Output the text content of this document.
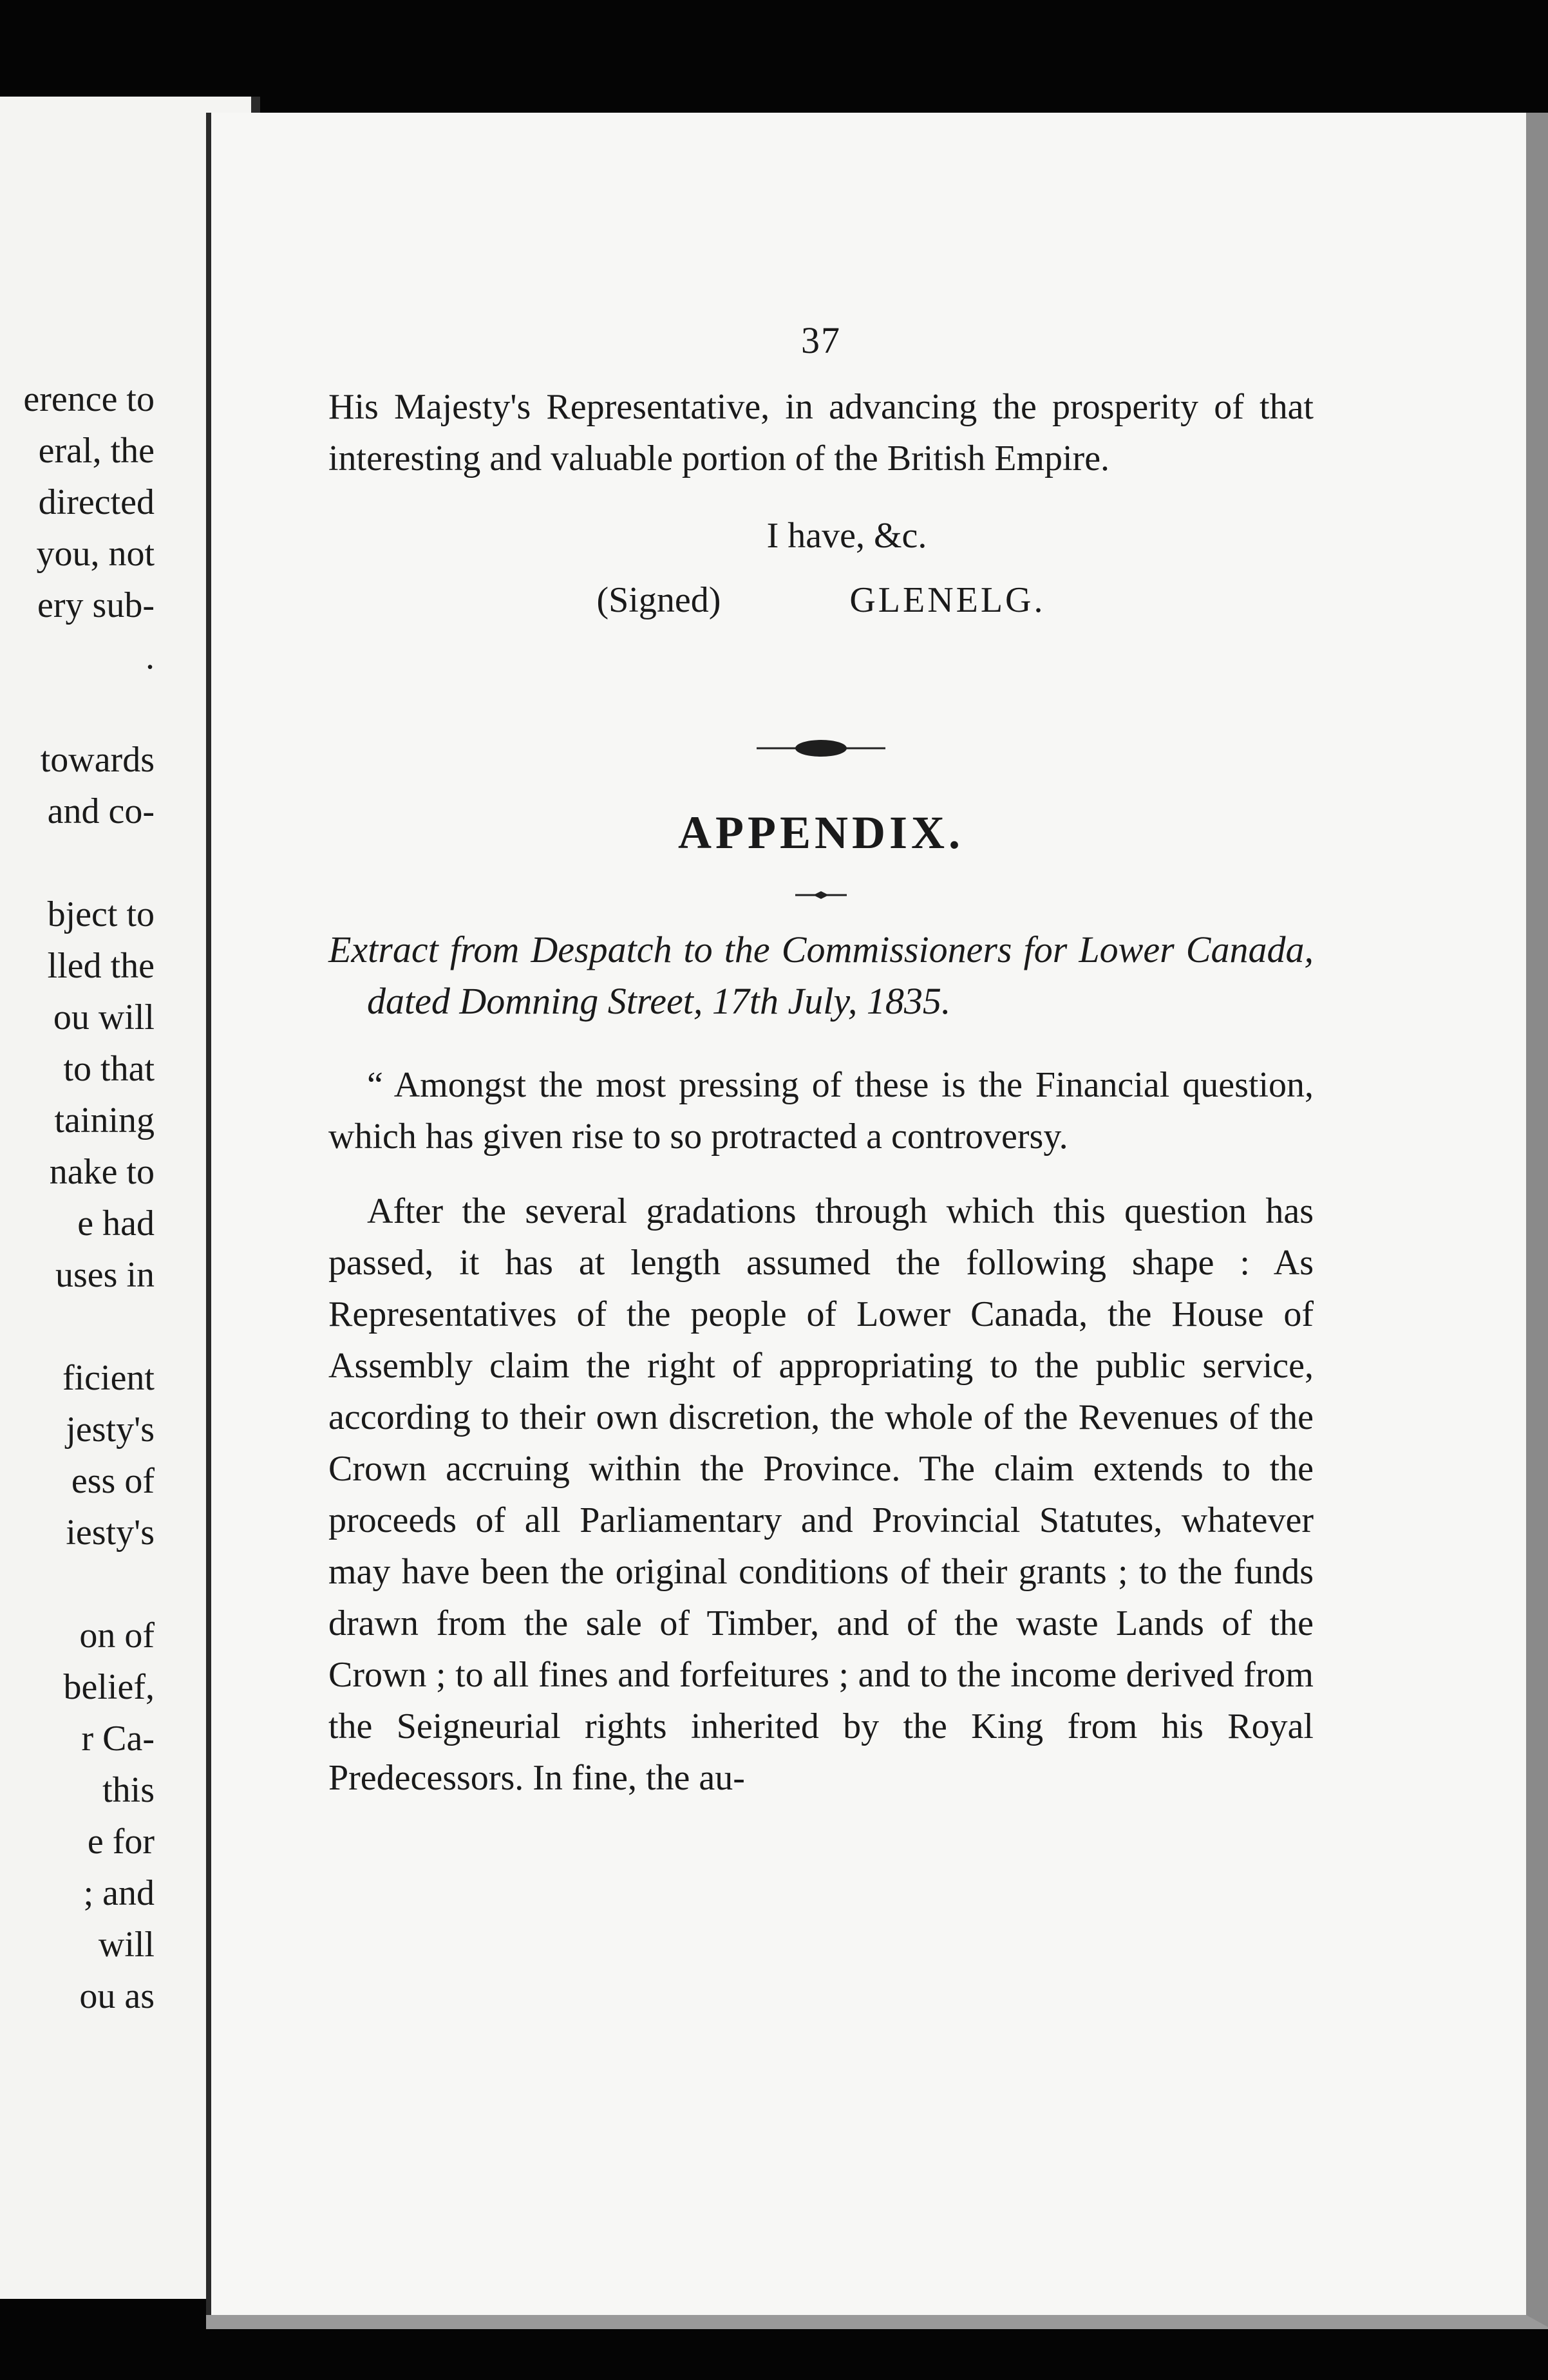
erence to
eral, the
directed
you, not
ery sub-
.
towards
and co-
bject to
lled the
ou will
to that
taining
nake to
e had
uses in
ficient
jesty's
ess of
iesty's
on of
belief,
r Ca-
this
e for
; and
will
ou as

37

His Majesty's Representative, in advancing the prosperity of that interesting and valuable portion of the British Empire.

I have, &c.

(Signed)	GLENELG.

APPENDIX.

Extract from Despatch to the Commissioners for Lower Canada, dated Domning Street, 17th July, 1835.

“ Amongst the most pressing of these is the Financial question, which has given rise to so protracted a controversy.

After the several gradations through which this question has passed, it has at length assumed the following shape : As Representatives of the people of Lower Canada, the House of Assembly claim the right of appropriating to the public service, according to their own discretion, the whole of the Revenues of the Crown accruing within the Province. The claim extends to the proceeds of all Parliamentary and Provincial Statutes, whatever may have been the original conditions of their grants ; to the funds drawn from the sale of Timber, and of the waste Lands of the Crown ; to all fines and forfeitures ; and to the income derived from the Seigneurial rights inherited by the King from his Royal Predecessors. In fine, the au-
